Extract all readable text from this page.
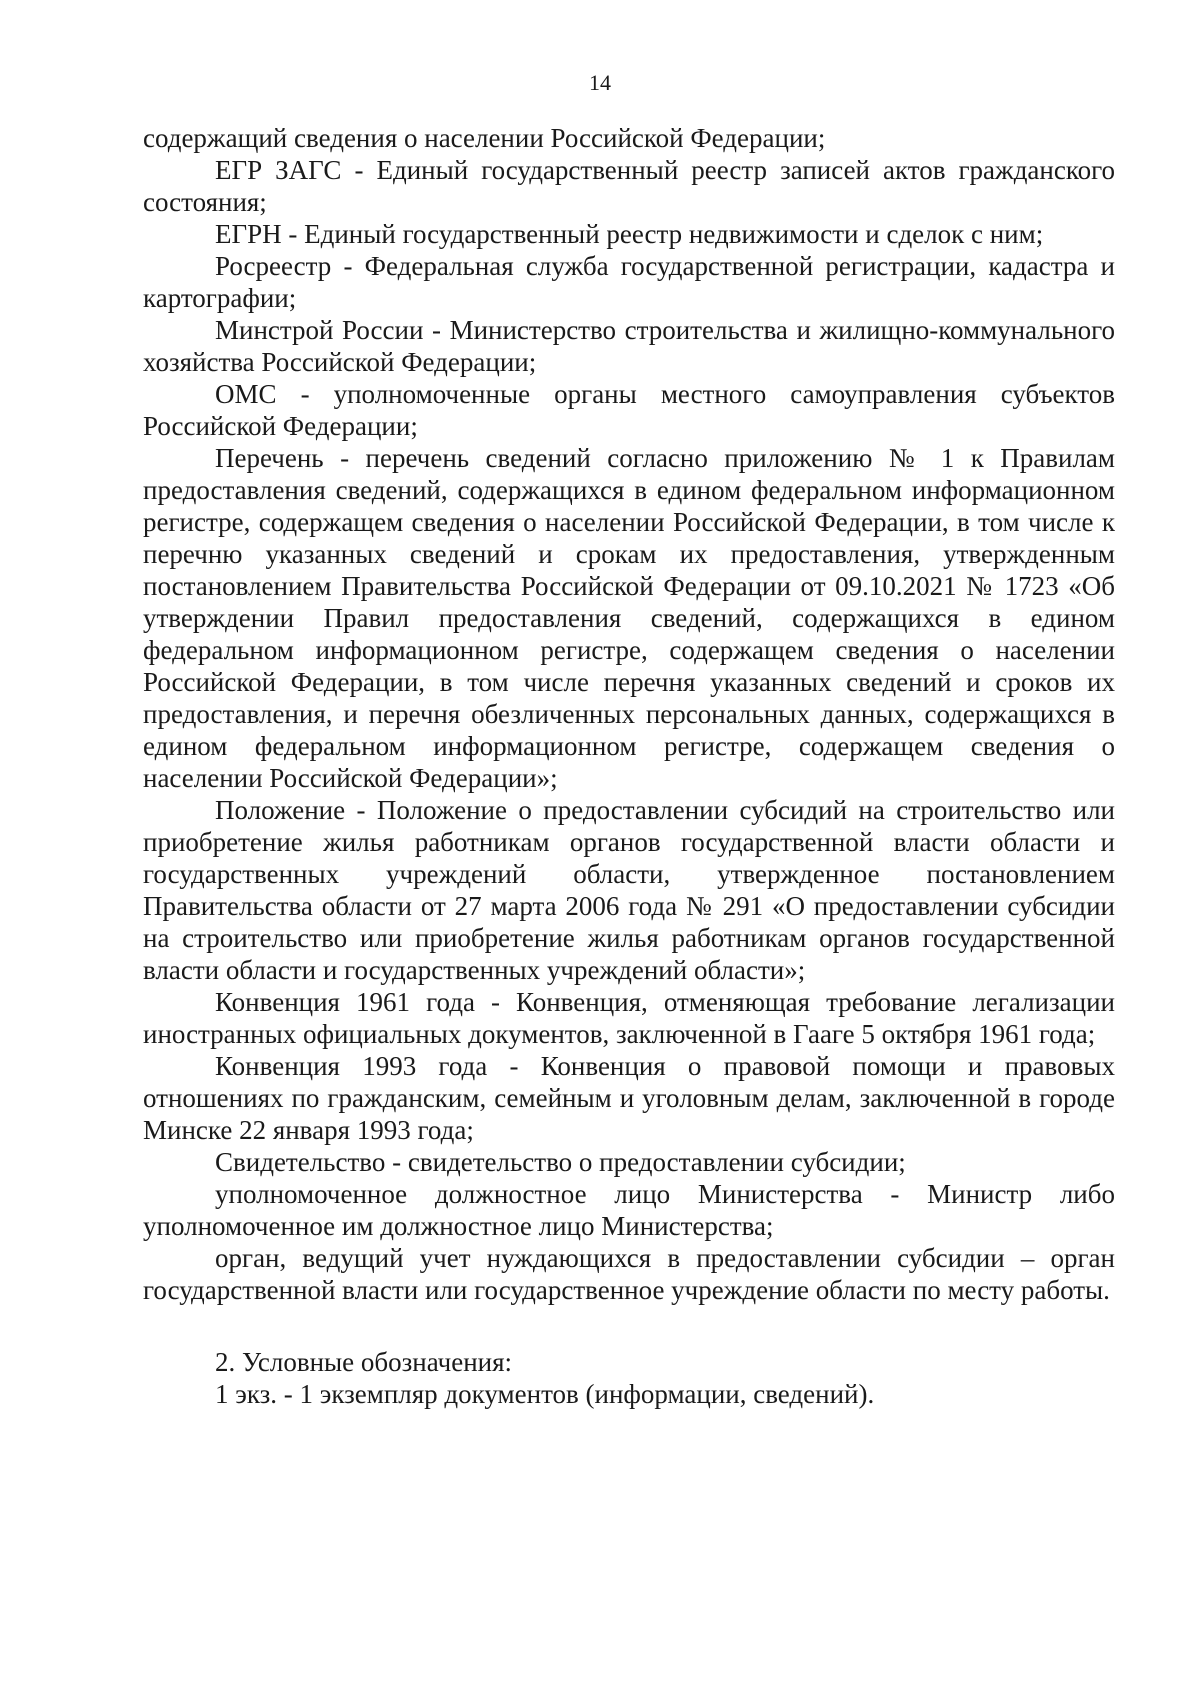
14

содержащий сведения о населении Российской Федерации;

ЕГР ЗАГС - Единый государственный реестр записей актов гражданского состояния;

ЕГРН - Единый государственный реестр недвижимости и сделок с ним;

Росреестр - Федеральная служба государственной регистрации, кадастра и картографии;

Минстрой России - Министерство строительства и жилищно-коммунального хозяйства Российской Федерации;

ОМС - уполномоченные органы местного самоуправления субъектов Российской Федерации;

Перечень - перечень сведений согласно приложению № 1 к Правилам предоставления сведений, содержащихся в едином федеральном информационном регистре, содержащем сведения о населении Российской Федерации, в том числе к перечню указанных сведений и срокам их предоставления, утвержденным постановлением Правительства Российской Федерации от 09.10.2021 № 1723 «Об утверждении Правил предоставления сведений, содержащихся в едином федеральном информационном регистре, содержащем сведения о населении Российской Федерации, в том числе перечня указанных сведений и сроков их предоставления, и перечня обезличенных персональных данных, содержащихся в едином федеральном информационном регистре, содержащем сведения о населении Российской Федерации»;

Положение - Положение о предоставлении субсидий на строительство или приобретение жилья работникам органов государственной власти области и государственных учреждений области, утвержденное постановлением Правительства области от 27 марта 2006 года № 291 «О предоставлении субсидии на строительство или приобретение жилья работникам органов государственной власти области и государственных учреждений области»;

Конвенция 1961 года - Конвенция, отменяющая требование легализации иностранных официальных документов, заключенной в Гааге 5 октября 1961 года;

Конвенция 1993 года - Конвенция о правовой помощи и правовых отношениях по гражданским, семейным и уголовным делам, заключенной в городе Минске 22 января 1993 года;

Свидетельство - свидетельство о предоставлении субсидии;

уполномоченное должностное лицо Министерства - Министр либо уполномоченное им должностное лицо Министерства;

орган, ведущий учет нуждающихся в предоставлении субсидии – орган государственной власти или государственное учреждение области по месту работы.

2. Условные обозначения:

1 экз. - 1 экземпляр документов (информации, сведений).
